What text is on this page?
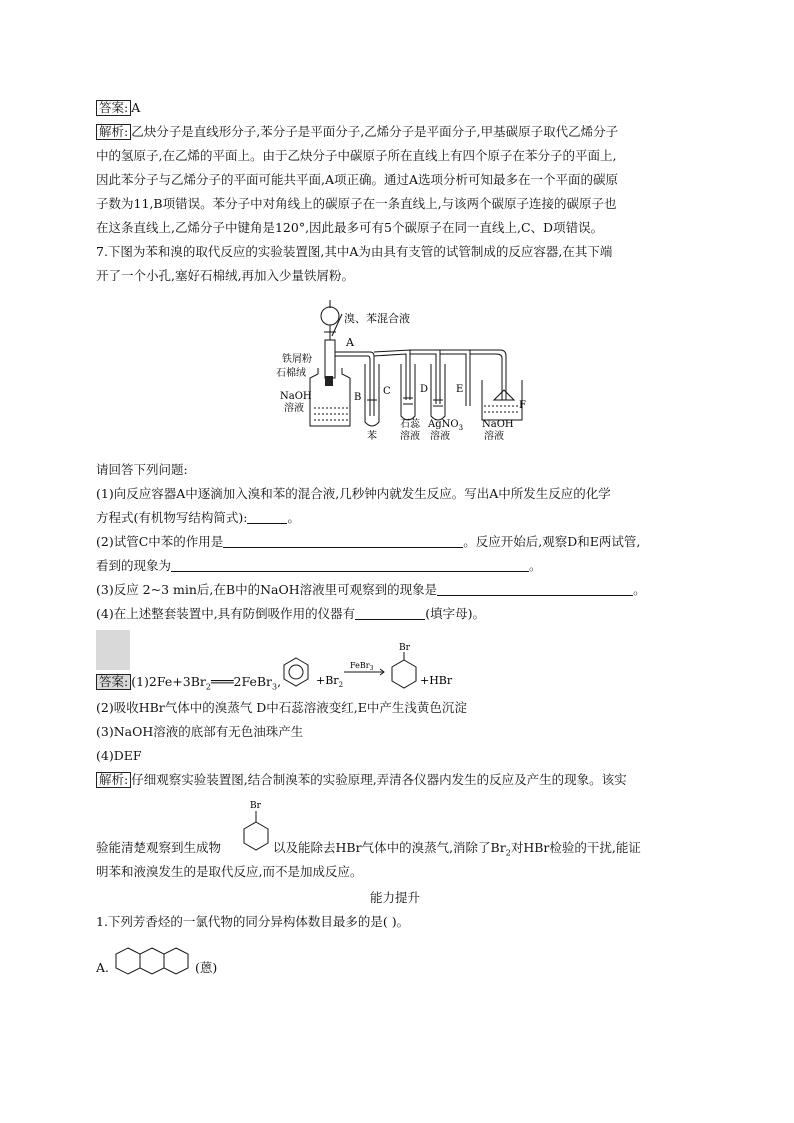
答案: A
解析: 乙炔分子是直线形分子,苯分子是平面分子,乙烯分子是平面分子,甲基碳原子取代乙烯分子
中的氢原子,在乙烯的平面上。由于乙炔分子中碳原子所在直线上有四个原子在苯分子的平面上,
因此苯分子与乙烯分子的平面可能共平面,A项正确。通过A选项分析可知最多在一个平面的碳原
子数为11,B项错误。苯分子中对角线上的碳原子在一条直线上,与该两个碳原子连接的碳原子也
在这条直线上,乙烯分子中键角是120°,因此最多可有5个碳原子在同一直线上,C、D项错误。
7.下图为苯和溴的取代反应的实验装置图,其中A为由具有支管的试管制成的反应容器,在其下端
开了一个小孔,塞好石棉绒,再加入少量铁屑粉。
溴、苯混合液
A
铁屑粉
石棉绒
NaOH
溶液
B
C
苯
D
石蕊
溶液
E
AgNO$_3$
溶液
F
NaOH
溶液
请回答下列问题:
(1)向反应容器A中逐滴加入溴和苯的混合液,几秒钟内就发生反应。写出A中所发生反应的化学
方程式(有机物写结构简式):	。
(2)试管C中苯的作用是	。反应开始后,观察D和E两试管,
看到的现象为	。
(3)反应 2~3 min后,在B中的NaOH溶液里可观察到的现象是	。
(4)在上述整套装置中,具有防倒吸作用的仪器有	(填字母)。
答案: $(1)2Fe+3Br_2═══2FeBr_3$,	$+Br_2$
FeBr$_3$
Br
+HBr
(2)吸收HBr气体中的溴蒸气 D中石蕊溶液变红,E中产生浅黄色沉淀
(3)NaOH溶液的底部有无色油珠产生
(4)DEF
解析: 仔细观察实验装置图,结合制溴苯的实验原理,弄清各仪器内发生的反应及产生的现象。该实
Br
验能清楚观察到生成物	以及能除去HBr气体中的溴蒸气,消除了$Br_2$对HBr检验的干扰,能证
明苯和液溴发生的是取代反应,而不是加成反应。
能力提升
1.下列芳香烃的一氯代物的同分异构体数目最多的是( )。
A.	(蒽)
